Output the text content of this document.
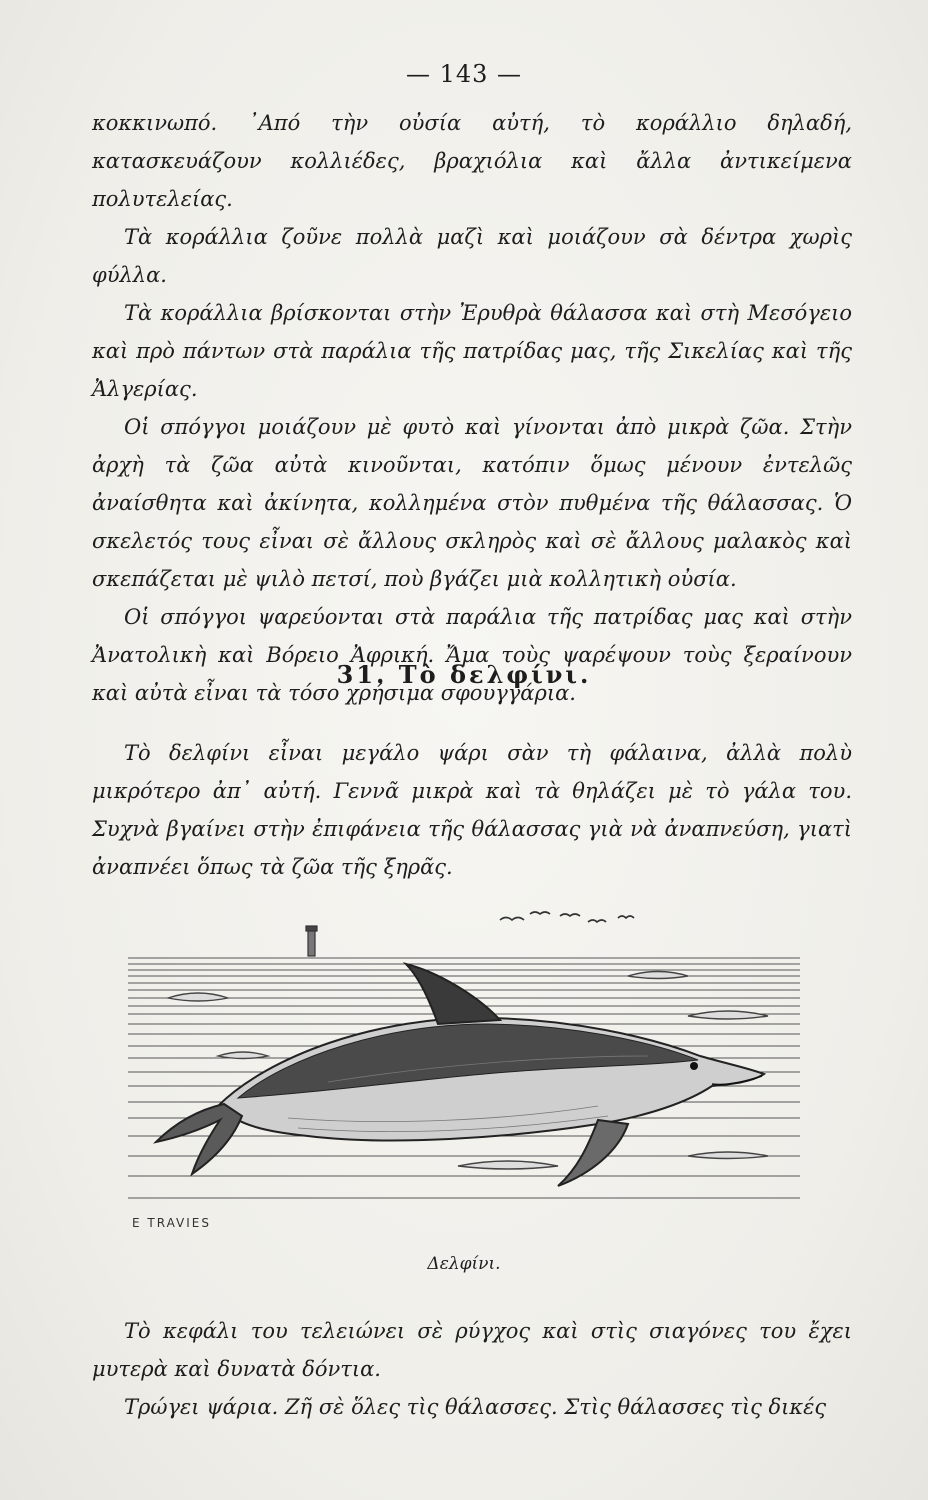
— 143 —

κοκκινωπό. ᾿Από τὴν οὐσία αὐτή, τὸ κοράλλιο δηλαδή, κατασκευάζουν κολλιέδες, βραχιόλια καὶ ἄλλα ἀντικείμενα πολυτελείας.

Τὰ κοράλλια ζοῦνε πολλὰ μαζὶ καὶ μοιάζουν σὰ δέντρα χωρὶς φύλλα.

Τὰ κοράλλια βρίσκονται στὴν Ἐρυθρὰ θάλασσα καὶ στὴ Μεσόγειο καὶ πρὸ πάντων στὰ παράλια τῆς πατρίδας μας, τῆς Σικελίας καὶ τῆς Ἀλγερίας.

Οἱ σπόγγοι μοιάζουν μὲ φυτὸ καὶ γίνονται ἀπὸ μικρὰ ζῶα. Στὴν ἀρχὴ τὰ ζῶα αὐτὰ κινοῦνται, κατόπιν ὅμως μένουν ἐντελῶς ἀναίσθητα καὶ ἀκίνητα, κολλημένα στὸν πυθμένα τῆς θάλασσας. Ὁ σκελετός τους εἶναι σὲ ἄλλους σκληρὸς καὶ σὲ ἄλλους μαλακὸς καὶ σκεπάζεται μὲ ψιλὸ πετσί, ποὺ βγάζει μιὰ κολλητικὴ οὐσία.

Οἱ σπόγγοι ψαρεύονται στὰ παράλια τῆς πατρίδας μας καὶ στὴν Ἀνατολικὴ καὶ Βόρειο Ἀφρική. Ἄμα τοὺς ψαρέψουν τοὺς ξεραίνουν καὶ αὐτὰ εἶναι τὰ τόσο χρήσιμα σφουγγάρια.

31. Τὸ δελφίνι.

Τὸ δελφίνι εἶναι μεγάλο ψάρι σὰν τὴ φάλαινα, ἀλλὰ πολὺ μικρότερο ἀπ᾿ αὐτή. Γεννᾶ μικρὰ καὶ τὰ θηλάζει μὲ τὸ γάλα του. Συχνὰ βγαίνει στὴν ἐπιφάνεια τῆς θάλασσας γιὰ νὰ ἀναπνεύση, γιατὶ ἀναπνέει ὅπως τὰ ζῶα τῆς ξηρᾶς.

E TRAVIES
Δελφίνι.

Τὸ κεφάλι του τελειώνει σὲ ρύγχος καὶ στὶς σιαγόνες του ἔχει μυτερὰ καὶ δυνατὰ δόντια.

Τρώγει ψάρια. Ζῆ σὲ ὅλες τὶς θάλασσες. Στὶς θάλασσες τὶς δικές
